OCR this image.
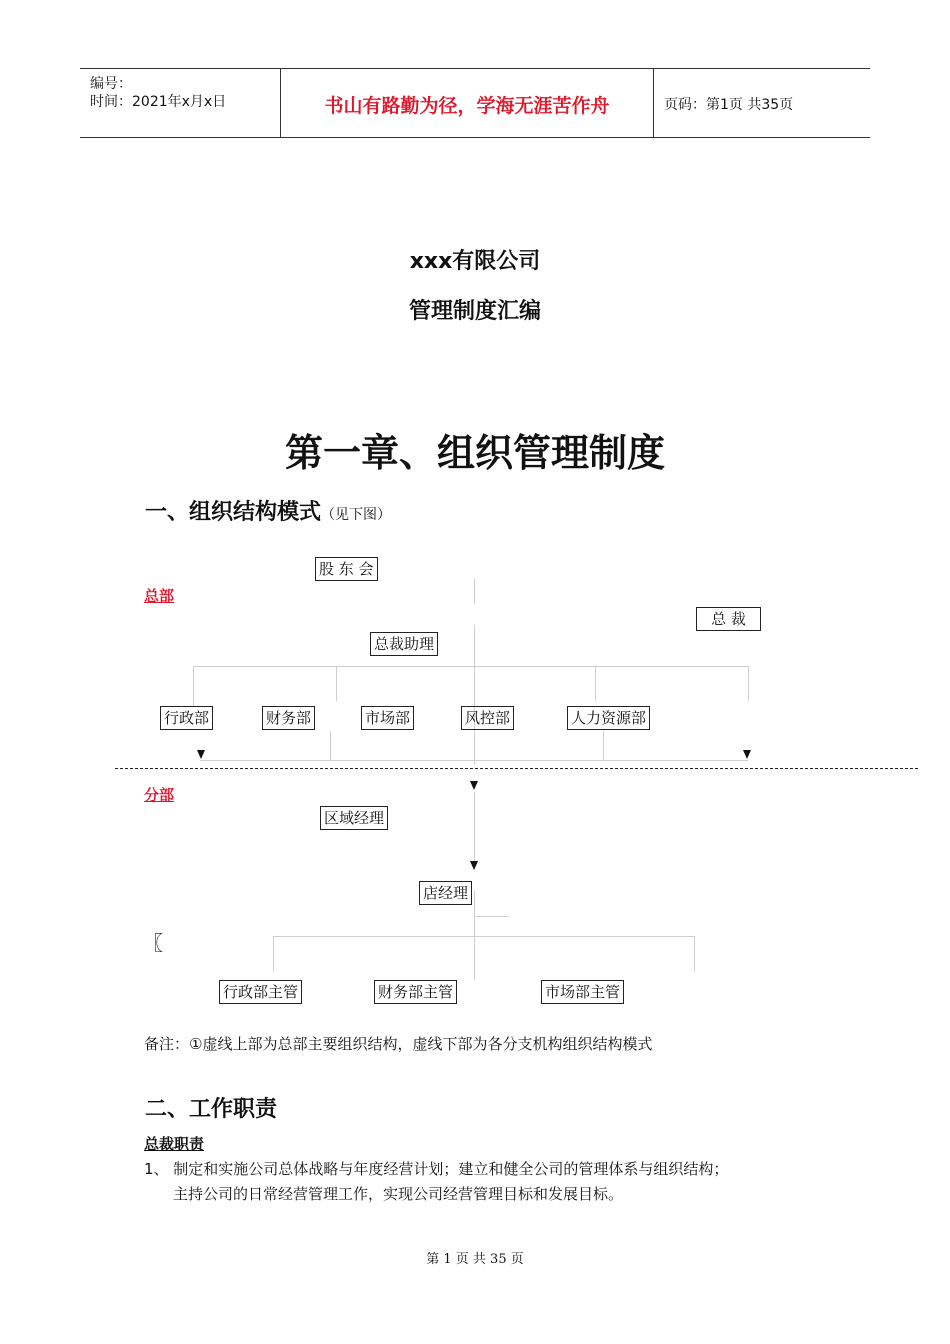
编号：
时间：2021年x月x日	书山有路勤为径，学海无涯苦作舟	页码：第1页 共35页
xxx有限公司
管理制度汇编
第一章、组织管理制度
一、组织结构模式（见下图）
总部
股 东 会
总 裁
总裁助理
行政部	财务部	市场部	风控部	人力资源部
分部
区域经理
店经理
〖
行政部主管	财务部主管	市场部主管
备注：①虚线上部为总部主要组织结构，虚线下部为各分支机构组织结构模式
二、工作职责
总裁职责
1、 制定和实施公司总体战略与年度经营计划；建立和健全公司的管理体系与组织结构；
主持公司的日常经营管理工作，实现公司经营管理目标和发展目标。
第 1 页 共 35 页
